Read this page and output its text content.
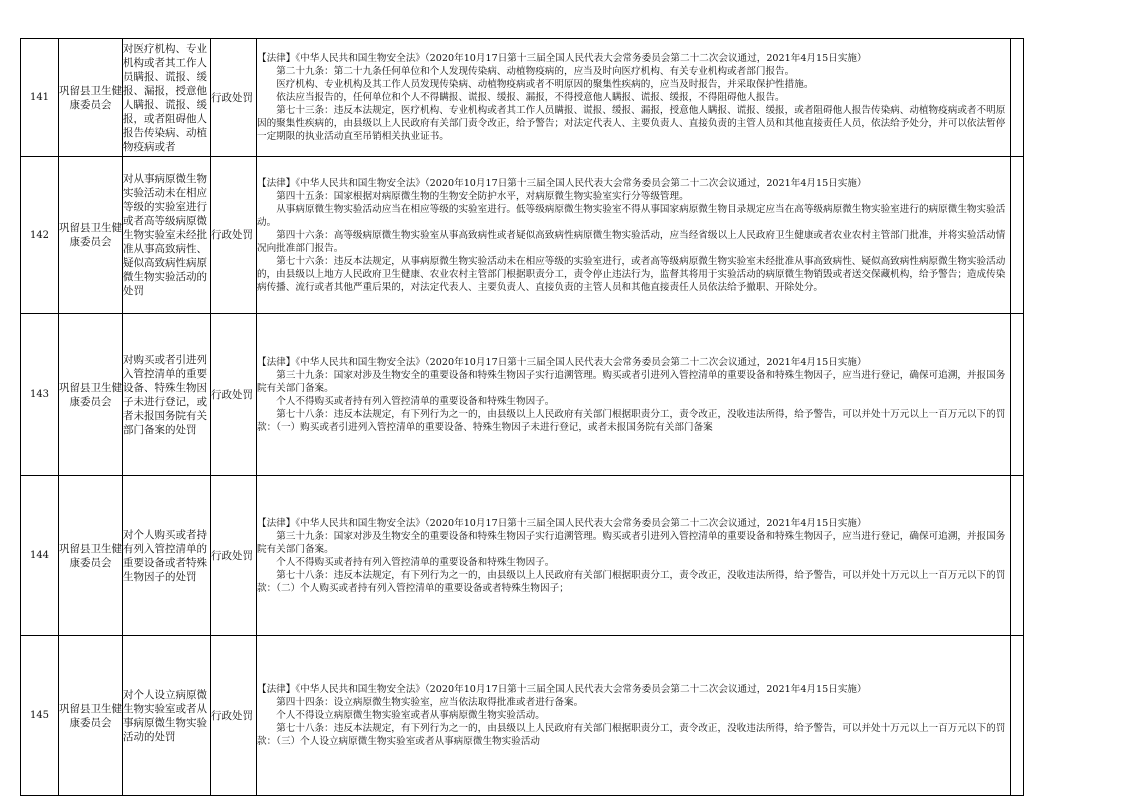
141	巩留县卫生健康委员会	对医疗机构、专业机构或者其工作人员瞒报、谎报、缓报、漏报，授意他人瞒报、谎报、缓报，或者阻碍他人报告传染病、动植物疫病或者	行政处罚	【法律】《中华人民共和国生物安全法》（2020年10月17日第十三届全国人民代表大会常务委员会第二十二次会议通过，2021年4月15日实施）

第二十九条：第二十九条任何单位和个人发现传染病、动植物疫病的，应当及时向医疗机构、有关专业机构或者部门报告。

医疗机构、专业机构及其工作人员发现传染病、动植物疫病或者不明原因的聚集性疾病的，应当及时报告，并采取保护性措施。

依法应当报告的，任何单位和个人不得瞒报、谎报、缓报、漏报，不得授意他人瞒报、谎报、缓报，不得阻碍他人报告。

第七十三条：违反本法规定，医疗机构、专业机构或者其工作人员瞒报、谎报、缓报、漏报，授意他人瞒报、谎报、缓报，或者阻碍他人报告传染病、动植物疫病或者不明原因的聚集性疾病的，由县级以上人民政府有关部门责令改正，给予警告；对法定代表人、主要负责人、直接负责的主管人员和其他直接责任人员，依法给予处分，并可以依法暂停一定期限的执业活动直至吊销相关执业证书。	

142	巩留县卫生健康委员会	对从事病原微生物实验活动未在相应等级的实验室进行或者高等级病原微生物实验室未经批准从事高致病性、疑似高致病性病原微生物实验活动的处罚	行政处罚	【法律】《中华人民共和国生物安全法》（2020年10月17日第十三届全国人民代表大会常务委员会第二十二次会议通过，2021年4月15日实施）

第四十五条：国家根据对病原微生物的生物安全防护水平，对病原微生物实验室实行分等级管理。

从事病原微生物实验活动应当在相应等级的实验室进行。低等级病原微生物实验室不得从事国家病原微生物目录规定应当在高等级病原微生物实验室进行的病原微生物实验活动。

第四十六条：高等级病原微生物实验室从事高致病性或者疑似高致病性病原微生物实验活动，应当经省级以上人民政府卫生健康或者农业农村主管部门批准，并将实验活动情况向批准部门报告。

第七十六条：违反本法规定，从事病原微生物实验活动未在相应等级的实验室进行，或者高等级病原微生物实验室未经批准从事高致病性、疑似高致病性病原微生物实验活动的，由县级以上地方人民政府卫生健康、农业农村主管部门根据职责分工，责令停止违法行为，监督其将用于实验活动的病原微生物销毁或者送交保藏机构，给予警告；造成传染病传播、流行或者其他严重后果的，对法定代表人、主要负责人、直接负责的主管人员和其他直接责任人员依法给予撤职、开除处分。	

143	巩留县卫生健康委员会	对购买或者引进列入管控清单的重要设备、特殊生物因子未进行登记，或者未报国务院有关部门备案的处罚	行政处罚	【法律】《中华人民共和国生物安全法》（2020年10月17日第十三届全国人民代表大会常务委员会第二十二次会议通过，2021年4月15日实施）

第三十九条：国家对涉及生物安全的重要设备和特殊生物因子实行追溯管理。购买或者引进列入管控清单的重要设备和特殊生物因子，应当进行登记，确保可追溯，并报国务院有关部门备案。

个人不得购买或者持有列入管控清单的重要设备和特殊生物因子。

第七十八条：违反本法规定，有下列行为之一的，由县级以上人民政府有关部门根据职责分工，责令改正，没收违法所得，给予警告，可以并处十万元以上一百万元以下的罚款：（一）购买或者引进列入管控清单的重要设备、特殊生物因子未进行登记，或者未报国务院有关部门备案	

144	巩留县卫生健康委员会	对个人购买或者持有列入管控清单的重要设备或者特殊生物因子的处罚	行政处罚	【法律】《中华人民共和国生物安全法》（2020年10月17日第十三届全国人民代表大会常务委员会第二十二次会议通过，2021年4月15日实施）

第三十九条：国家对涉及生物安全的重要设备和特殊生物因子实行追溯管理。购买或者引进列入管控清单的重要设备和特殊生物因子，应当进行登记，确保可追溯，并报国务院有关部门备案。

个人不得购买或者持有列入管控清单的重要设备和特殊生物因子。

第七十八条：违反本法规定，有下列行为之一的，由县级以上人民政府有关部门根据职责分工，责令改正，没收违法所得，给予警告，可以并处十万元以上一百万元以下的罚款：（二）个人购买或者持有列入管控清单的重要设备或者特殊生物因子；	

145	巩留县卫生健康委员会	对个人设立病原微生物实验室或者从事病原微生物实验活动的处罚	行政处罚	【法律】《中华人民共和国生物安全法》（2020年10月17日第十三届全国人民代表大会常务委员会第二十二次会议通过，2021年4月15日实施）

第四十四条：设立病原微生物实验室，应当依法取得批准或者进行备案。

个人不得设立病原微生物实验室或者从事病原微生物实验活动。

第七十八条：违反本法规定，有下列行为之一的，由县级以上人民政府有关部门根据职责分工，责令改正，没收违法所得，给予警告，可以并处十万元以上一百万元以下的罚款：（三）个人设立病原微生物实验室或者从事病原微生物实验活动	
